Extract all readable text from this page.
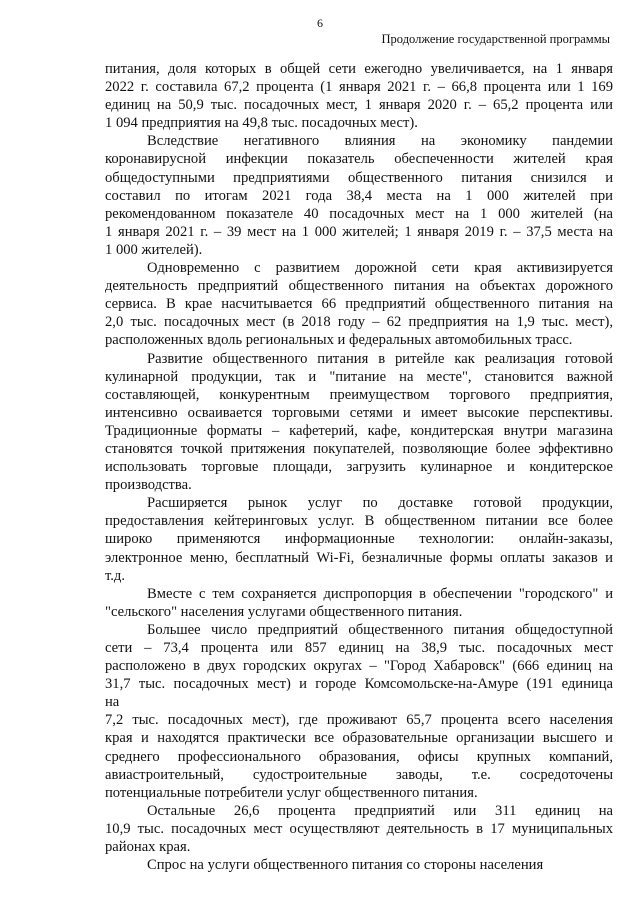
6
Продолжение государственной программы

питания, доля которых в общей сети ежегодно увеличивается, на 1 января
2022 г. составила 67,2 процента (1 января 2021 г. – 66,8 процента или 1 169
единиц на 50,9 тыс. посадочных мест, 1 января 2020 г. – 65,2 процента или
1 094 предприятия на 49,8 тыс. посадочных мест).

Вследствие негативного влияния на экономику пандемии
коронавирусной инфекции показатель обеспеченности жителей края
общедоступными предприятиями общественного питания снизился и
составил по итогам 2021 года 38,4 места на 1 000 жителей при
рекомендованном показателе 40 посадочных мест на 1 000 жителей (на
1 января 2021 г. – 39 мест на 1 000 жителей; 1 января 2019 г. – 37,5 места на
1 000 жителей).

Одновременно с развитием дорожной сети края активизируется
деятельность предприятий общественного питания на объектах дорожного
сервиса. В крае насчитывается 66 предприятий общественного питания на
2,0 тыс. посадочных мест (в 2018 году – 62 предприятия на 1,9 тыс. мест),
расположенных вдоль региональных и федеральных автомобильных трасс.

Развитие общественного питания в ритейле как реализация готовой
кулинарной продукции, так и "питание на месте", становится важной
составляющей, конкурентным преимуществом торгового предприятия,
интенсивно осваивается торговыми сетями и имеет высокие перспективы.
Традиционные форматы – кафетерий, кафе, кондитерская внутри магазина
становятся точкой притяжения покупателей, позволяющие более эффективно
использовать торговые площади, загрузить кулинарное и кондитерское
производства.

Расширяется рынок услуг по доставке готовой продукции,
предоставления кейтеринговых услуг. В общественном питании все более
широко применяются информационные технологии: онлайн-заказы,
электронное меню, бесплатный Wi-Fi, безналичные формы оплаты заказов и
т.д.

Вместе с тем сохраняется диспропорция в обеспечении "городского" и
"сельского" населения услугами общественного питания.

Большее число предприятий общественного питания общедоступной
сети – 73,4 процента или 857 единиц на 38,9 тыс. посадочных мест
расположено в двух городских округах – "Город Хабаровск" (666 единиц на
31,7 тыс. посадочных мест) и городе Комсомольске-на-Амуре (191 единица
на

7,2 тыс. посадочных мест), где проживают 65,7 процента всего населения
края и находятся практически все образовательные организации высшего и
среднего профессионального образования, офисы крупных компаний,
авиастроительный, судостроительные заводы, т.е. сосредоточены
потенциальные потребители услуг общественного питания.

Остальные 26,6 процента предприятий или 311 единиц на
10,9 тыс. посадочных мест осуществляют деятельность в 17 муниципальных
районах края.

Спрос на услуги общественного питания со стороны населения
